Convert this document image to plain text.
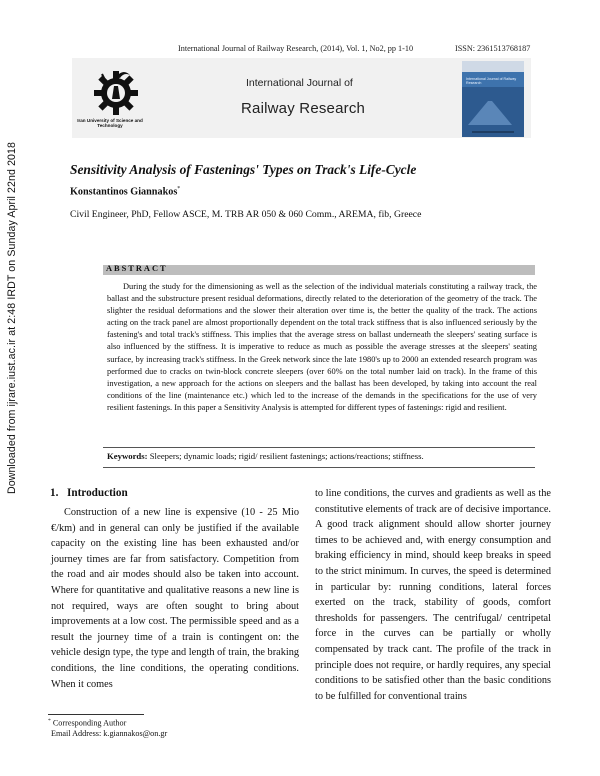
Downloaded from ijrare.iust.ac.ir at 2:48 IRDT on Sunday April 22nd 2018
International Journal of Railway Research, (2014), Vol. 1, No2, pp 1-10	ISSN: 2361513768187
Iran University of Science and Technology
International Journal of
Railway Research
International Journal of Railway Research
Sensitivity Analysis of Fastenings' Types on Track's Life-Cycle
Konstantinos Giannakos*
Civil Engineer, PhD, Fellow ASCE, M. TRB AR 050 & 060 Comm., AREMA, fib, Greece
ABSTRACT
During the study for the dimensioning as well as the selection of the individual materials constituting a railway track, the ballast and the substructure present residual deformations, directly related to the deterioration of the geometry of the track. The slighter the residual deformations and the slower their alteration over time is, the better the quality of the track. The actions acting on the track panel are almost proportionally dependent on the total track stiffness that is also influenced seriously by the fastening's and total track's stiffness. This implies that the average stress on ballast underneath the sleepers' seating surface is also influenced by the stiffness. It is imperative to reduce as much as possible the average stresses at the sleepers' seating surface, by increasing track's stiffness. In the Greek network since the late 1980's up to 2000 an extended research program was performed due to cracks on twin-block concrete sleepers (over 60% on the total number laid on track). In the frame of this investigation, a new approach for the actions on sleepers and the ballast has been developed, by taking into account the real conditions of the line (maintenance etc.) which led to the increase of the demands in the specifications for the use of very resilient fastenings. In this paper a Sensitivity Analysis is attempted for different types of fastenings: rigid and resilient.
Keywords: Sleepers; dynamic loads; rigid/ resilient fastenings; actions/reactions; stiffness.
1. Introduction
Construction of a new line is expensive (10 - 25 Mio €/km) and in general can only be justified if the available capacity on the existing line has been exhausted and/or journey times are far from satisfactory. Competition from the road and air modes should also be taken into account. Where for quantitative and qualitative reasons a new line is not required, ways are often sought to bring about improvements at a low cost. The permissible speed and as a result the journey time of a train is contingent on: the vehicle design type, the type and length of train, the braking conditions, the line conditions, the operating conditions. When it comes
to line conditions, the curves and gradients as well as the constitutive elements of track are of decisive importance. A good track alignment should allow shorter journey times to be achieved and, with energy consumption and braking efficiency in mind, should keep breaks in speed to the strict minimum. In curves, the speed is determined in particular by: running conditions, lateral forces exerted on the track, stability of goods, comfort thresholds for passengers. The centrifugal/ centripetal force in the curves can be partially or wholly compensated by track cant. The profile of the track in principle does not require, or hardly requires, any special conditions to be satisfied other than the basic conditions to be fulfilled for conventional trains
* Corresponding Author
Email Address: k.giannakos@on.gr
